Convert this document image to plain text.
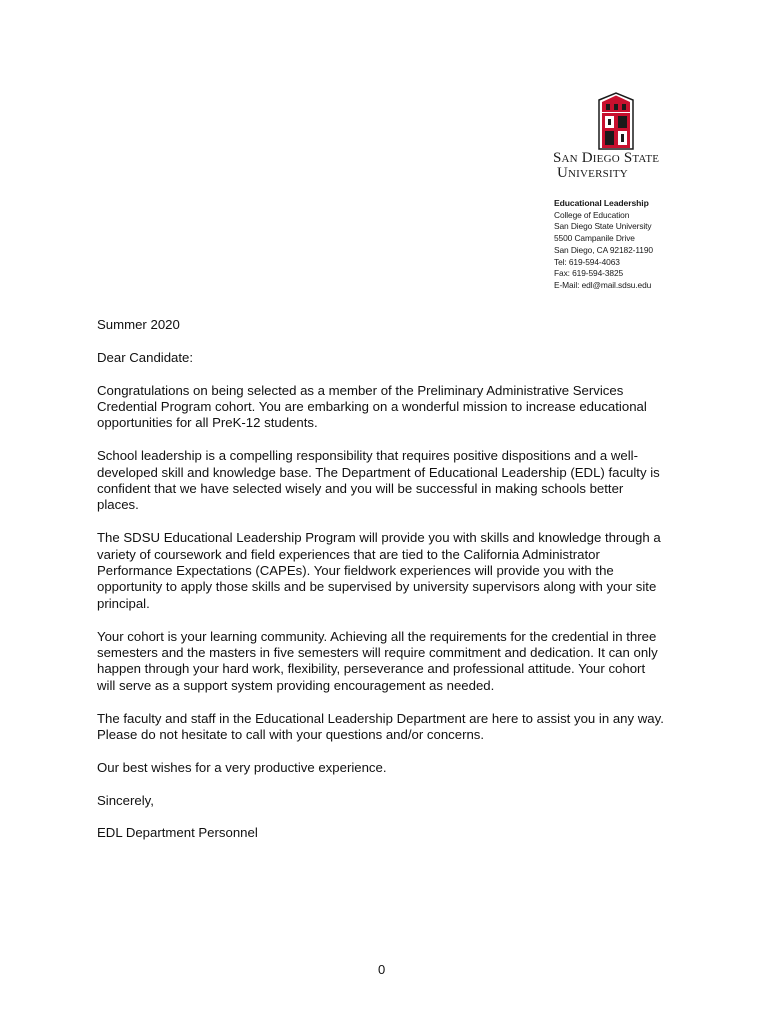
San Diego State
University
Educational Leadership
College of Education
San Diego State University
5500 Campanile Drive
San Diego, CA 92182-1190
Tel: 619-594-4063
Fax: 619-594-3825
E-Mail: edl@mail.sdsu.edu

Summer 2020

Dear Candidate:

Congratulations on being selected as a member of the Preliminary Administrative Services Credential Program cohort. You are embarking on a wonderful mission to increase educational opportunities for all PreK-12 students.

School leadership is a compelling responsibility that requires positive dispositions and a well-developed skill and knowledge base. The Department of Educational Leadership (EDL) faculty is confident that we have selected wisely and you will be successful in making schools better places.

The SDSU Educational Leadership Program will provide you with skills and knowledge through a variety of coursework and field experiences that are tied to the California Administrator Performance Expectations (CAPEs). Your fieldwork experiences will provide you with the opportunity to apply those skills and be supervised by university supervisors along with your site principal.

Your cohort is your learning community. Achieving all the requirements for the credential in three semesters and the masters in five semesters will require commitment and dedication. It can only happen through your hard work, flexibility, perseverance and professional attitude. Your cohort will serve as a support system providing encouragement as needed.

The faculty and staff in the Educational Leadership Department are here to assist you in any way. Please do not hesitate to call with your questions and/or concerns.

Our best wishes for a very productive experience.

Sincerely,

EDL Department Personnel

0
